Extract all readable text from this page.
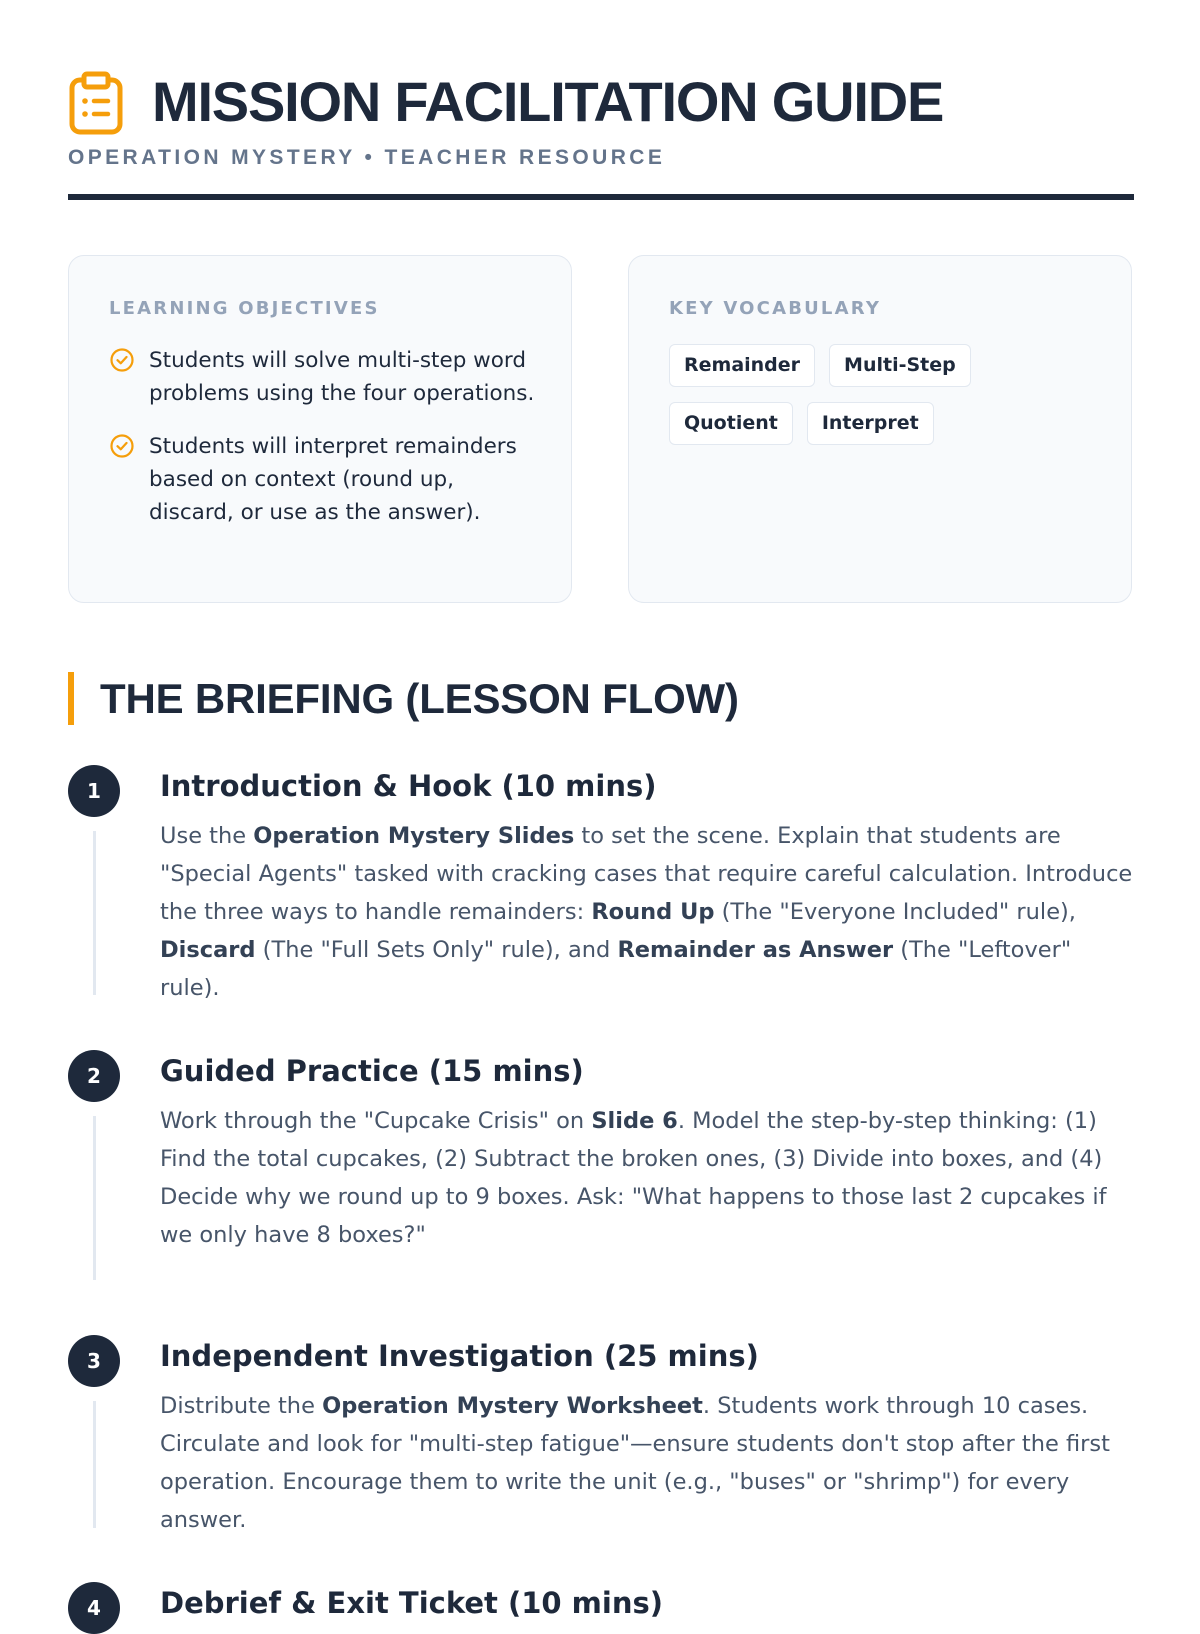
MISSION FACILITATION GUIDE
OPERATION MYSTERY • TEACHER RESOURCE
LEARNING OBJECTIVES
Students will solve multi-step word problems using the four operations.
Students will interpret remainders based on context (round up, discard, or use as the answer).
KEY VOCABULARY
Remainder	Multi-Step
Quotient	Interpret
THE BRIEFING (LESSON FLOW)
1	Introduction & Hook (10 mins)

Use the Operation Mystery Slides to set the scene. Explain that students are "Special Agents" tasked with cracking cases that require careful calculation. Introduce the three ways to handle remainders: Round Up (The "Everyone Included" rule), Discard (The "Full Sets Only" rule), and Remainder as Answer (The "Leftover" rule).

2	Guided Practice (15 mins)

Work through the "Cupcake Crisis" on Slide 6. Model the step-by-step thinking: (1) Find the total cupcakes, (2) Subtract the broken ones, (3) Divide into boxes, and (4) Decide why we round up to 9 boxes. Ask: "What happens to those last 2 cupcakes if we only have 8 boxes?"

3	Independent Investigation (25 mins)

Distribute the Operation Mystery Worksheet. Students work through 10 cases. Circulate and look for "multi-step fatigue"—ensure students don't stop after the first operation. Encourage them to write the unit (e.g., "buses" or "shrimp") for every answer.

4	Debrief & Exit Ticket (10 mins)
